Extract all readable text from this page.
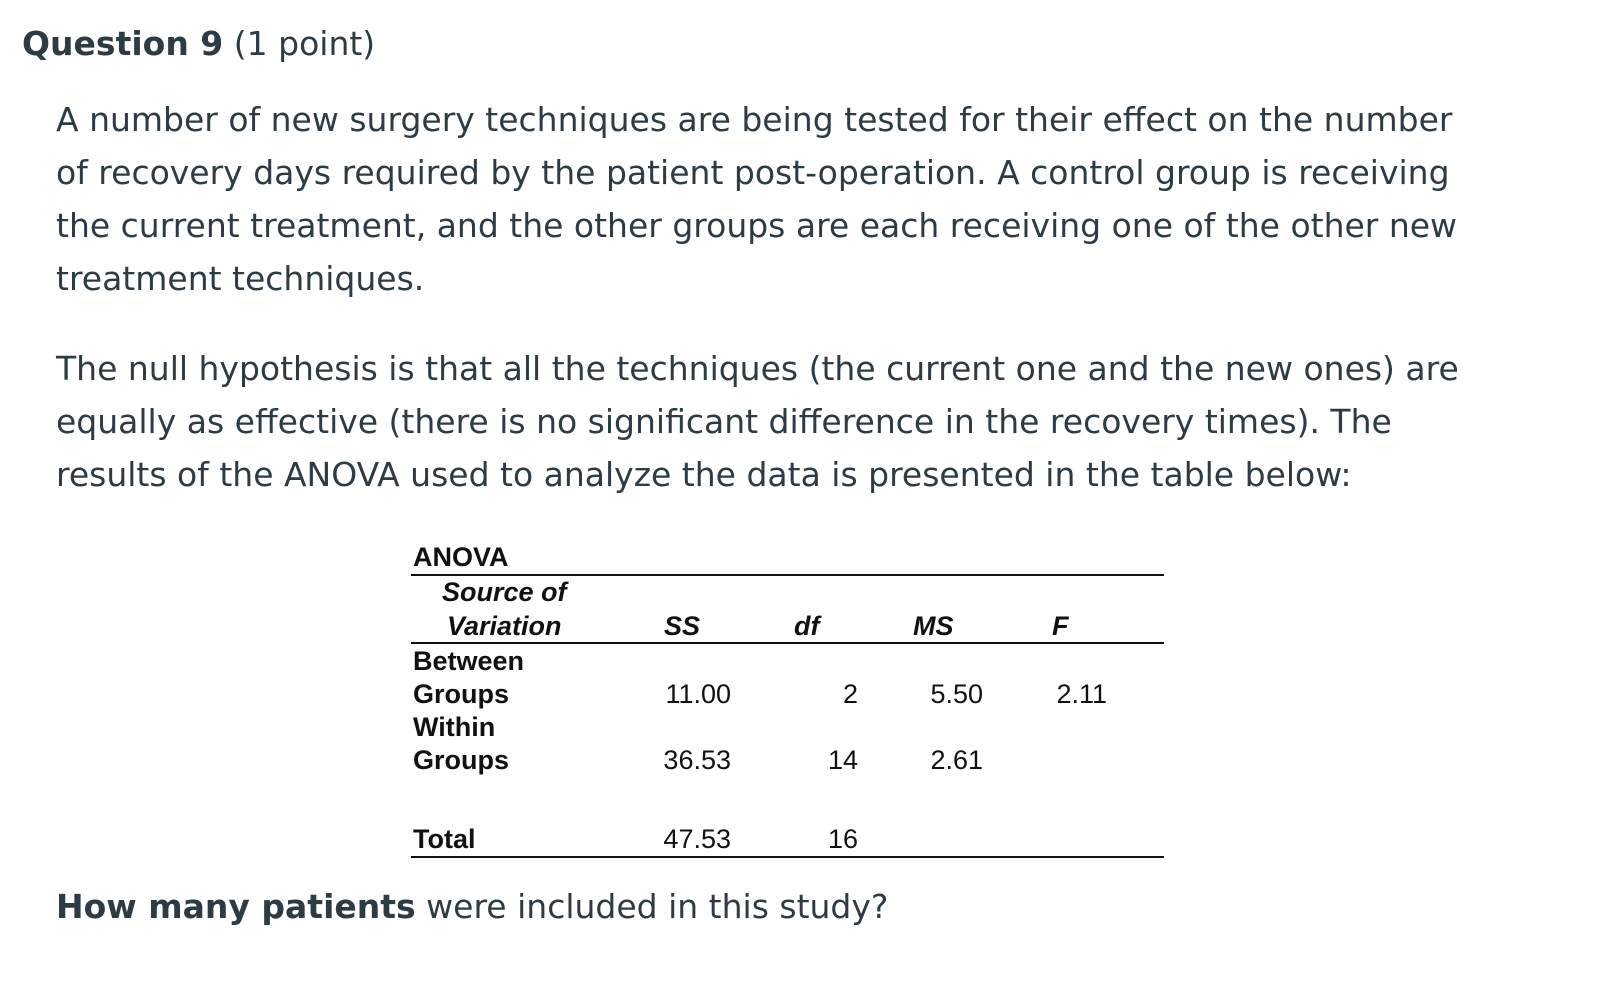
Question 9 (1 point)
A number of new surgery techniques are being tested for their effect on the number
of recovery days required by the patient post-operation. A control group is receiving
the current treatment, and the other groups are each receiving one of the other new
treatment techniques.
The null hypothesis is that all the techniques (the current one and the new ones) are
equally as effective (there is no significant difference in the recovery times). The
results of the ANOVA used to analyze the data is presented in the table below:
ANOVA
Source of
Variation	SS	df	MS	F
Between
Groups	11.00	2	5.50	2.11
Within
Groups	36.53	14	2.61
Total	47.53	16
How many patients were included in this study?
